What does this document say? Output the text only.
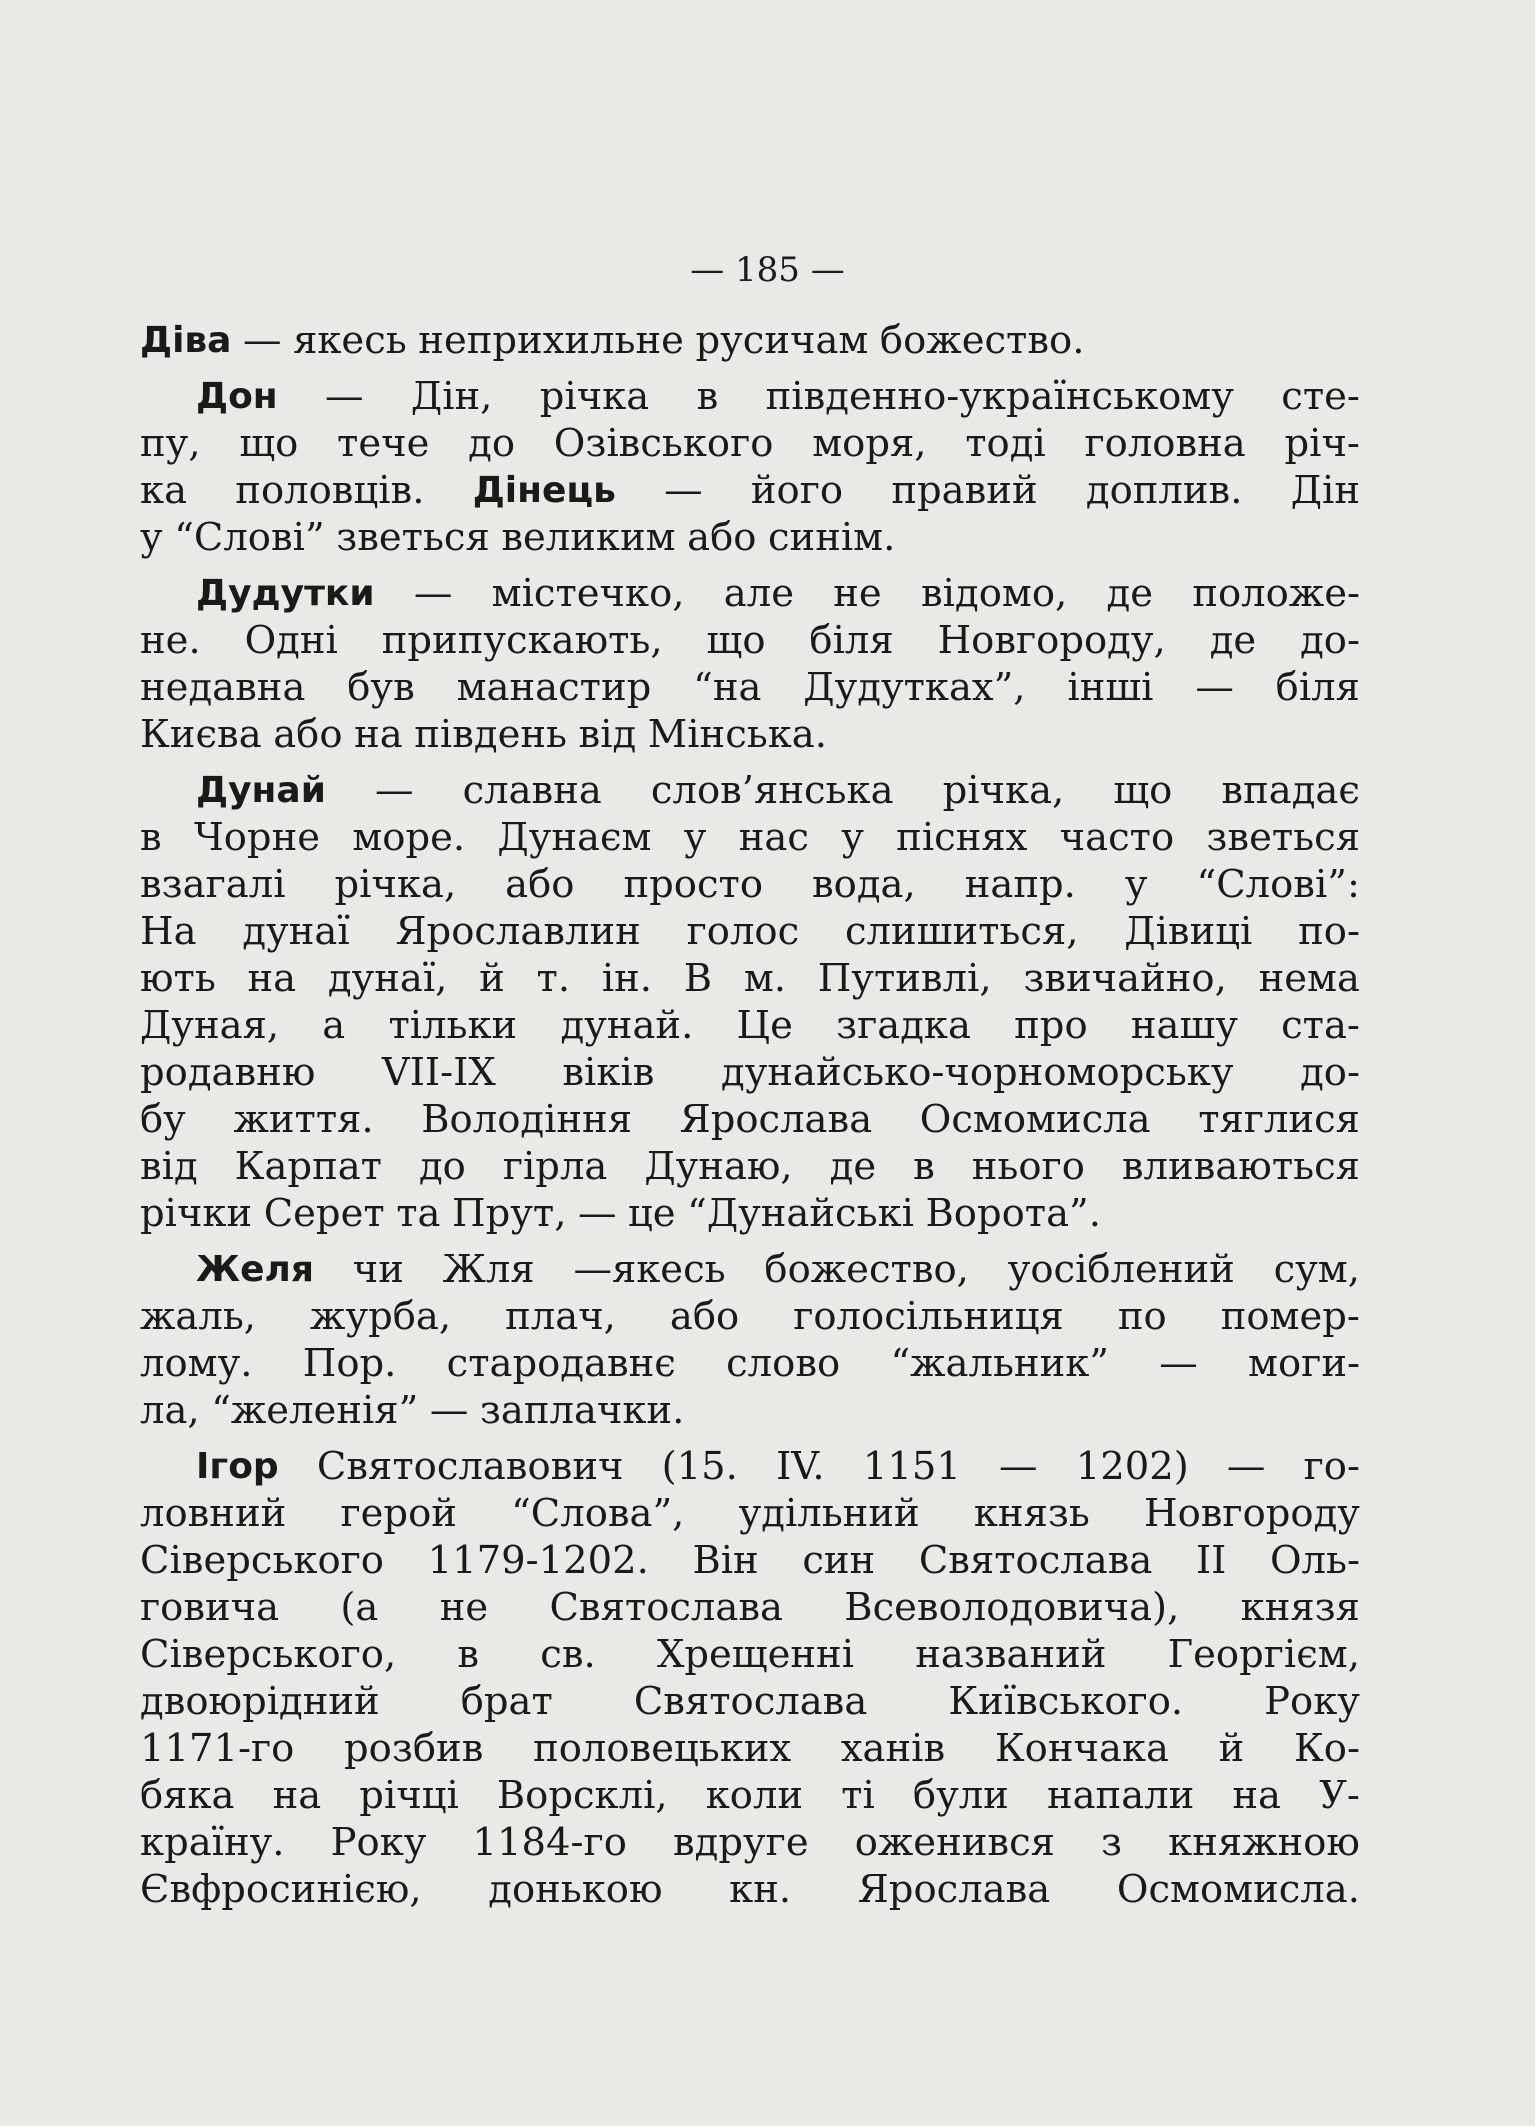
— 185 —
Діва — якесь неприхильне русичам божество.
Дон — Дін, річка в південно-українському сте-
пу, що тече до Озівського моря, тоді головна річ-
ка половців. Дінець — його правий доплив. Дін
у “Слові” зветься великим або синім.
Дудутки — містечко, але не відомо, де положе-
не. Одні припускають, що біля Новгороду, де до-
недавна був манастир “на Дудутках”, інші — біля
Києва або на південь від Мінська.
Дунай — славна слов’янська річка, що впадає
в Чорне море. Дунаєм у нас у піснях часто зветься
взагалі річка, або просто вода, напр. у “Слові”:
На дунаї Ярославлин голос слишиться, Дівиці по-
ють на дунаї, й т. ін. В м. Путивлі, звичайно, нема
Дуная, а тільки дунай. Це згадка про нашу ста-
родавню VII-IX віків дунайсько-чорноморську до-
бу життя. Володіння Ярослава Осмомисла тяглися
від Карпат до гірла Дунаю, де в нього вливаються
річки Серет та Прут, — це “Дунайські Ворота”.
Желя чи Жля —якесь божество, уосіблений сум,
жаль, журба, плач, або голосільниця по помер-
лому. Пор. стародавнє слово “жальник” — моги-
ла, “желенія” — заплачки.
Ігор Святославович (15. IV. 1151 — 1202) — го-
ловний герой “Слова”, удільний князь Новгороду
Сіверського 1179-1202. Він син Святослава II Оль-
говича (а не Святослава Всеволодовича), князя
Сіверського, в св. Хрещенні названий Георгієм,
двоюрідний брат Святослава Київського. Року
1171-го розбив половецьких ханів Кончака й Ко-
бяка на річці Ворсклі, коли ті були напали на У-
країну. Року 1184-го вдруге оженився з княжною
Євфросинією, донькою кн. Ярослава Осмомисла.
